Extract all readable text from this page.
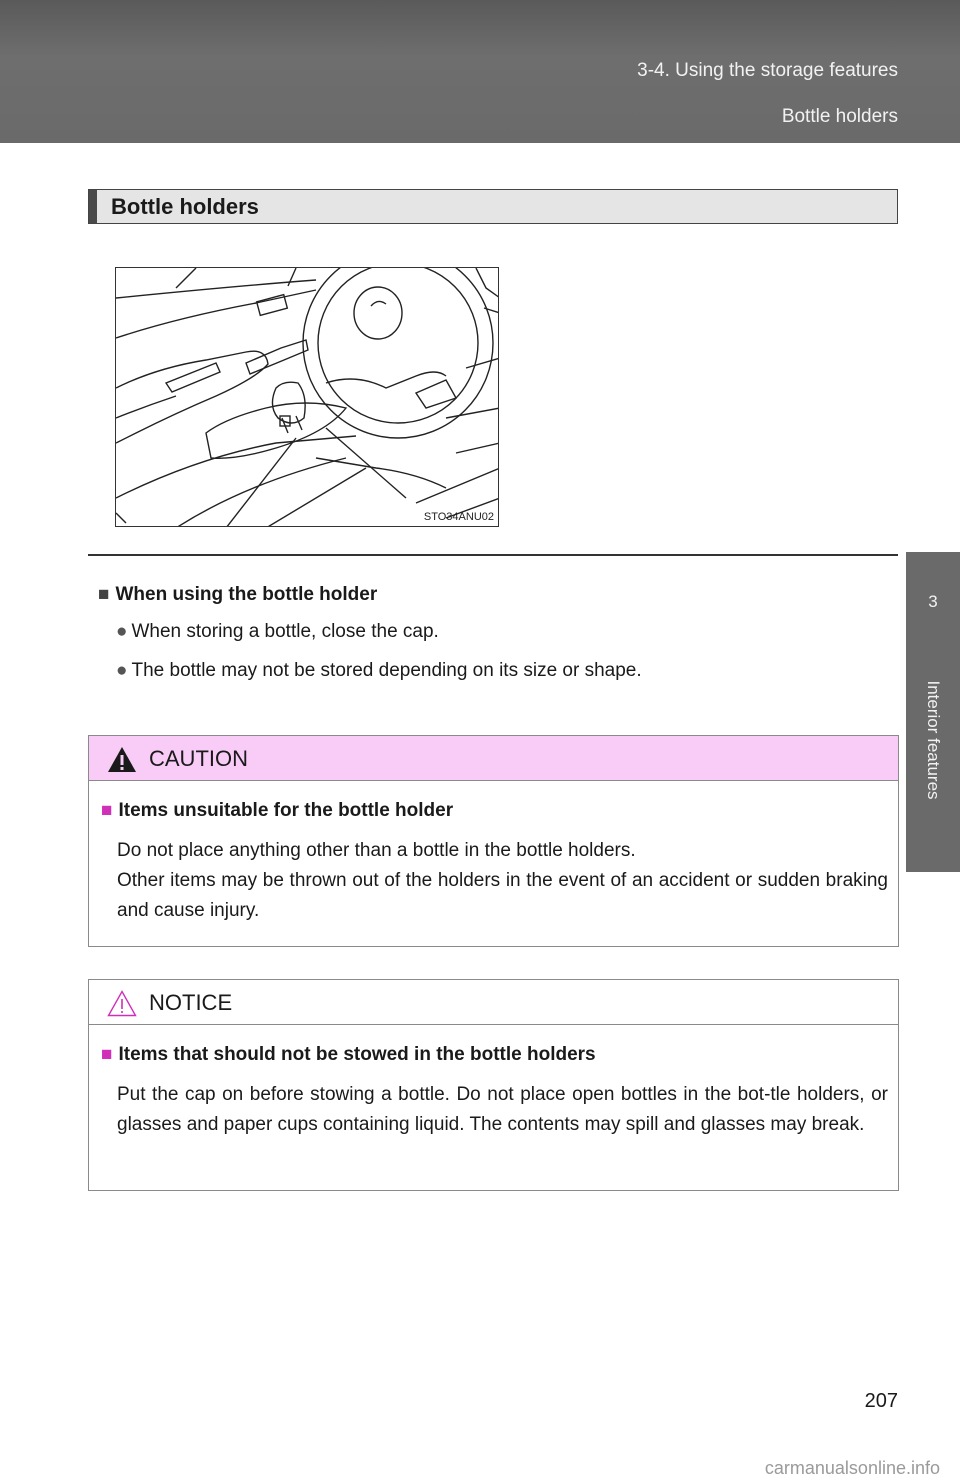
3-4. Using the storage features
Bottle holders
3
Interior features
Bottle holders
STO34ANU02
■ When using the bottle holder
● When storing a bottle, close the cap.
● The bottle may not be stored depending on its size or shape.
CAUTION
■ Items unsuitable for the bottle holder
Do not place anything other than a bottle in the bottle holders.
Other items may be thrown out of the holders in the event of an accident or sudden braking and cause injury.
NOTICE
■ Items that should not be stowed in the bottle holders
Put the cap on before stowing a bottle. Do not place open bottles in the bot-tle holders, or glasses and paper cups containing liquid. The contents may spill and glasses may break.
207
carmanualsonline.info
